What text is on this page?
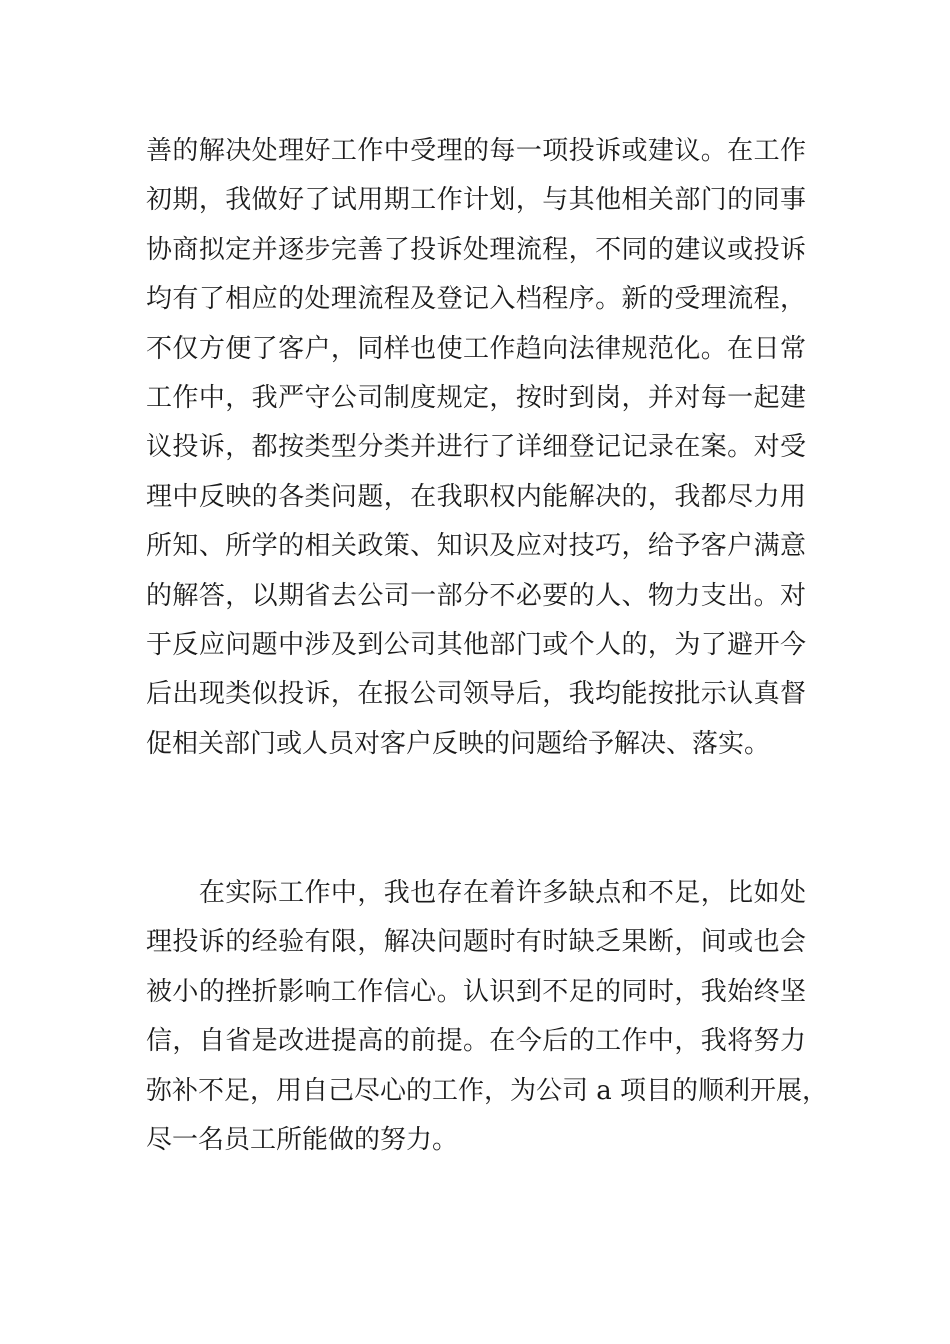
善的解决处理好工作中受理的每一项投诉或建议。在工作
初期，我做好了试用期工作计划，与其他相关部门的同事
协商拟定并逐步完善了投诉处理流程，不同的建议或投诉
均有了相应的处理流程及登记入档程序。新的受理流程，
不仅方便了客户，同样也使工作趋向法律规范化。在日常
工作中，我严守公司制度规定，按时到岗，并对每一起建
议投诉，都按类型分类并进行了详细登记记录在案。对受
理中反映的各类问题，在我职权内能解决的，我都尽力用
所知、所学的相关政策、知识及应对技巧，给予客户满意
的解答，以期省去公司一部分不必要的人、物力支出。对
于反应问题中涉及到公司其他部门或个人的，为了避开今
后出现类似投诉，在报公司领导后，我均能按批示认真督
促相关部门或人员对客户反映的问题给予解决、落实。
　　在实际工作中，我也存在着许多缺点和不足，比如处
理投诉的经验有限，解决问题时有时缺乏果断，间或也会
被小的挫折影响工作信心。认识到不足的同时，我始终坚
信，自省是改进提高的前提。在今后的工作中，我将努力
弥补不足，用自己尽心的工作，为公司 a 项目的顺利开展，
尽一名员工所能做的努力。
